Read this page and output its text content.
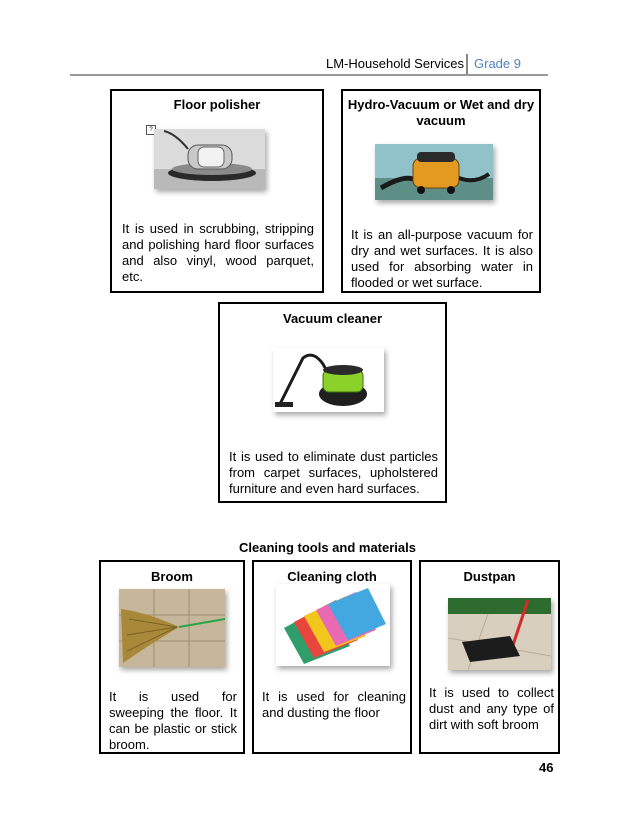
LM-Household Services Grade 9
Floor polisher
?
It is used in scrubbing, stripping and polishing hard floor surfaces and also vinyl, wood parquet, etc.
Hydro-Vacuum or Wet and dry vacuum
It is an all-purpose vacuum for dry and wet surfaces. It is also used for absorbing water in flooded or wet surface.
Vacuum cleaner
It is used to eliminate dust particles from carpet surfaces, upholstered furniture and even hard surfaces.
Cleaning tools and materials
Broom
It is used for sweeping the floor. It can be plastic or stick broom.
Cleaning cloth
It is used for cleaning and dusting the floor
Dustpan
It is used to collect dust and any type of dirt with soft broom
46
